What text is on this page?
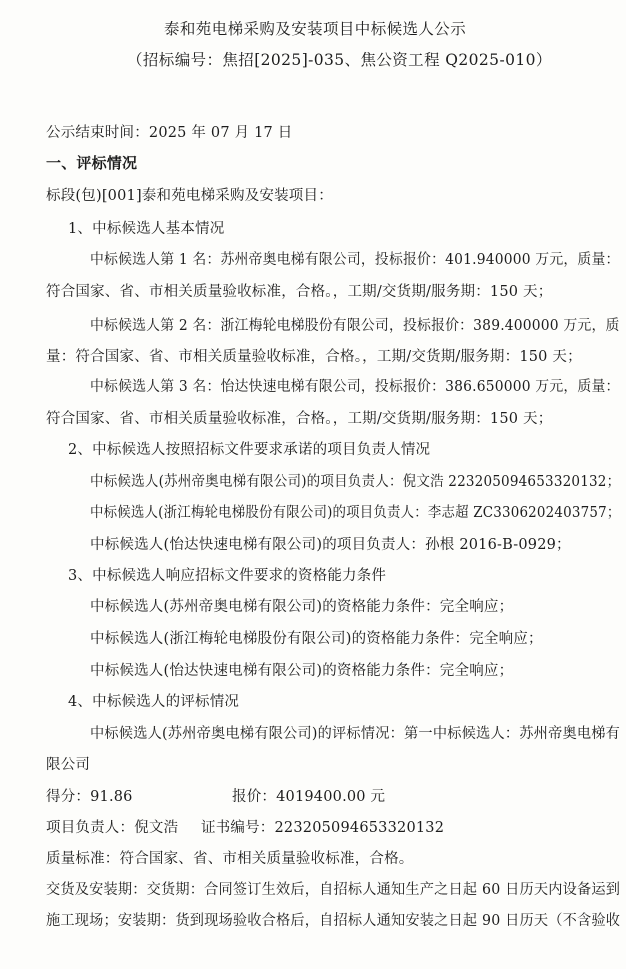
泰和苑电梯采购及安装项目中标候选人公示
（招标编号：焦招[2025]-035、焦公资工程 Q2025-010）
公示结束时间：2025 年 07 月 17 日
一、评标情况
标段(包)[001]泰和苑电梯采购及安装项目：
1、中标候选人基本情况
中标候选人第 1 名：苏州帝奥电梯有限公司，投标报价：401.940000 万元，质量：
符合国家、省、市相关质量验收标准，合格。，工期/交货期/服务期：150 天；
中标候选人第 2 名：浙江梅轮电梯股份有限公司，投标报价：389.400000 万元，质
量：符合国家、省、市相关质量验收标准，合格。，工期/交货期/服务期：150 天；
中标候选人第 3 名：怡达快速电梯有限公司，投标报价：386.650000 万元，质量：
符合国家、省、市相关质量验收标准，合格。，工期/交货期/服务期：150 天；
2、中标候选人按照招标文件要求承诺的项目负责人情况
中标候选人(苏州帝奥电梯有限公司)的项目负责人：倪文浩 223205094653320132；
中标候选人(浙江梅轮电梯股份有限公司)的项目负责人：李志超 ZC3306202403757；
中标候选人(怡达快速电梯有限公司)的项目负责人：孙根 2016-B-0929；
3、中标候选人响应招标文件要求的资格能力条件
中标候选人(苏州帝奥电梯有限公司)的资格能力条件：完全响应；
中标候选人(浙江梅轮电梯股份有限公司)的资格能力条件：完全响应；
中标候选人(怡达快速电梯有限公司)的资格能力条件：完全响应；
4、中标候选人的评标情况
中标候选人(苏州帝奥电梯有限公司)的评标情况：第一中标候选人：苏州帝奥电梯有
限公司
得分：91.86	报价：4019400.00 元
项目负责人：倪文浩 证书编号：223205094653320132
质量标准：符合国家、省、市相关质量验收标准，合格。
交货及安装期：交货期：合同签订生效后，自招标人通知生产之日起 60 日历天内设备运到
施工现场；安装期：货到现场验收合格后，自招标人通知安装之日起 90 日历天（不含验收
